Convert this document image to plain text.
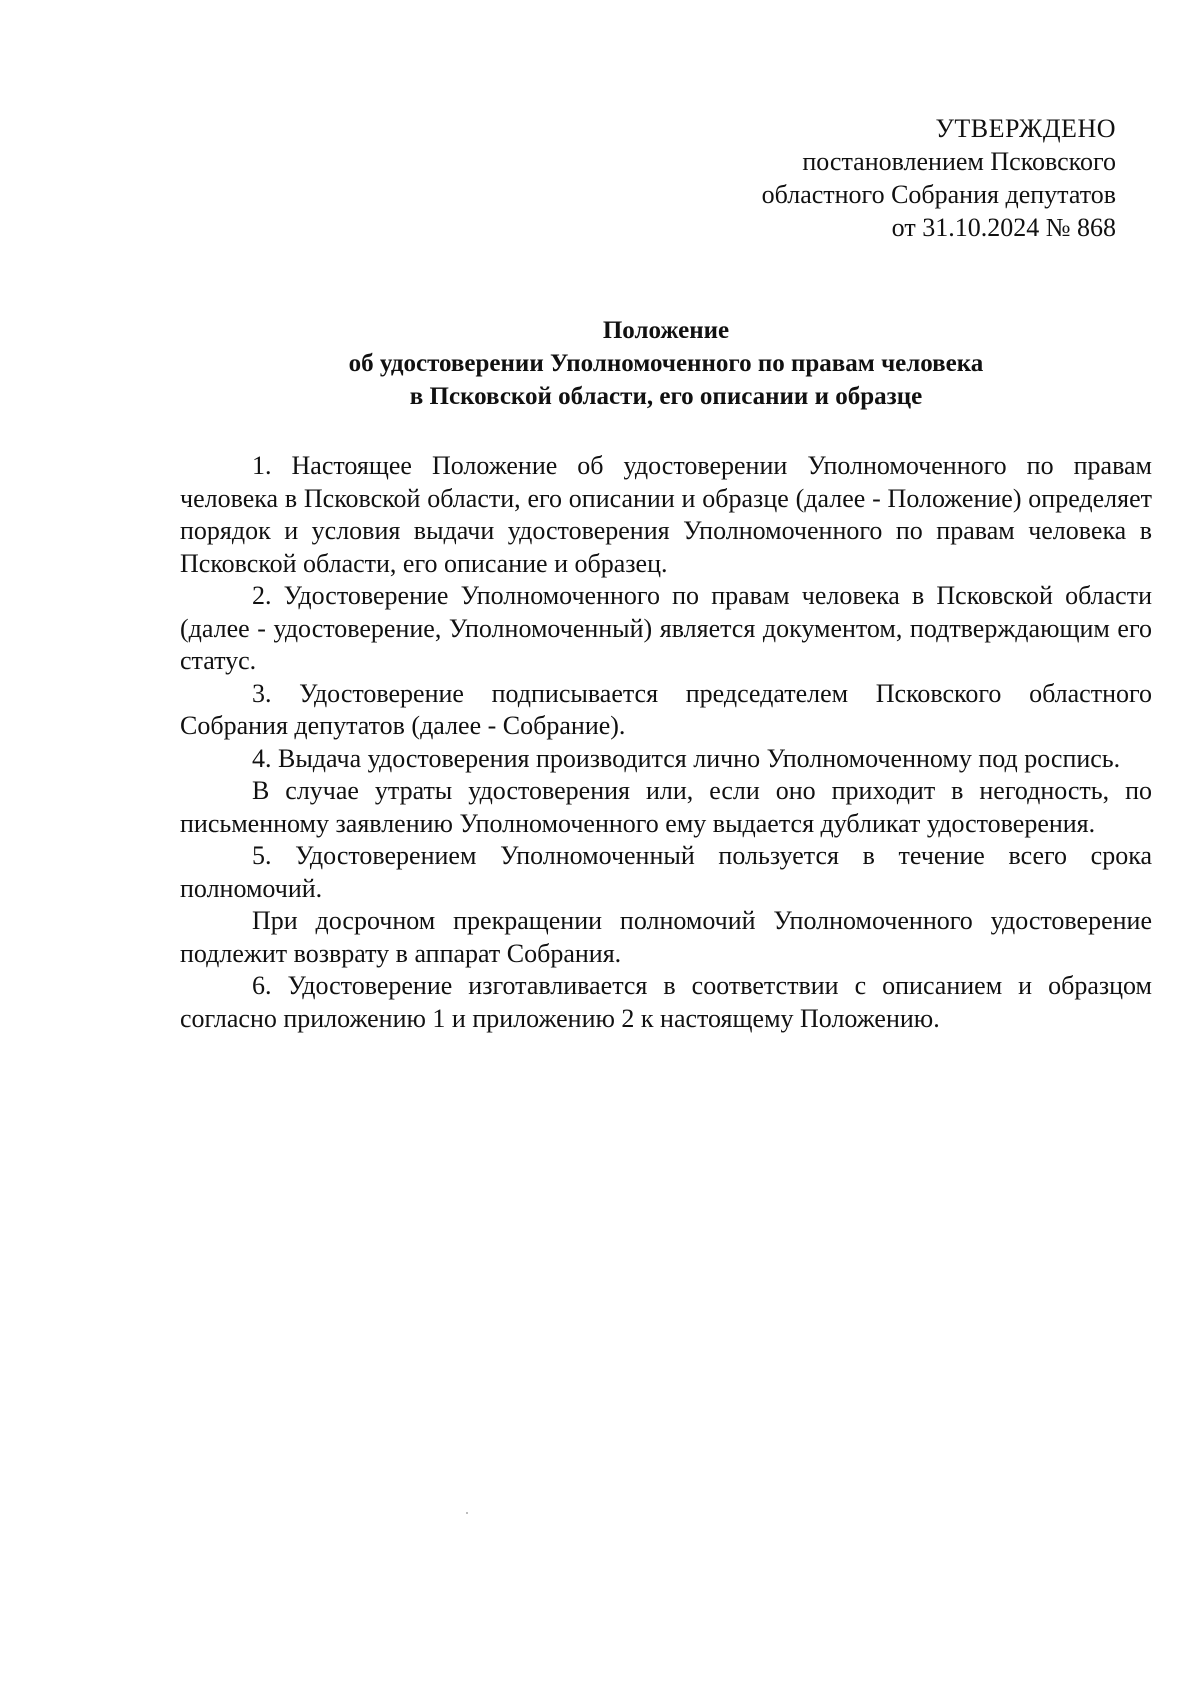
УТВЕРЖДЕНО
постановлением Псковского
областного Собрания депутатов
от 31.10.2024 № 868
Положение
об удостоверении Уполномоченного по правам человека
в Псковской области, его описании и образце

1. Настоящее Положение об удостоверении Уполномоченного по правам человека в Псковской области, его описании и образце (далее - Положение) определяет порядок и условия выдачи удостоверения Уполномоченного по правам человека в Псковской области, его описание и образец.

2. Удостоверение Уполномоченного по правам человека в Псковской области (далее - удостоверение, Уполномоченный) является документом, подтверждающим его статус.

3. Удостоверение подписывается председателем Псковского областного Собрания депутатов (далее - Собрание).

4. Выдача удостоверения производится лично Уполномоченному под роспись.

В случае утраты удостоверения или, если оно приходит в негодность, по письменному заявлению Уполномоченного ему выдается дубликат удостоверения.

5. Удостоверением Уполномоченный пользуется в течение всего срока полномочий.

При досрочном прекращении полномочий Уполномоченного удостоверение подлежит возврату в аппарат Собрания.

6. Удостоверение изготавливается в соответствии с описанием и образцом согласно приложению 1 и приложению 2 к настоящему Положению.
